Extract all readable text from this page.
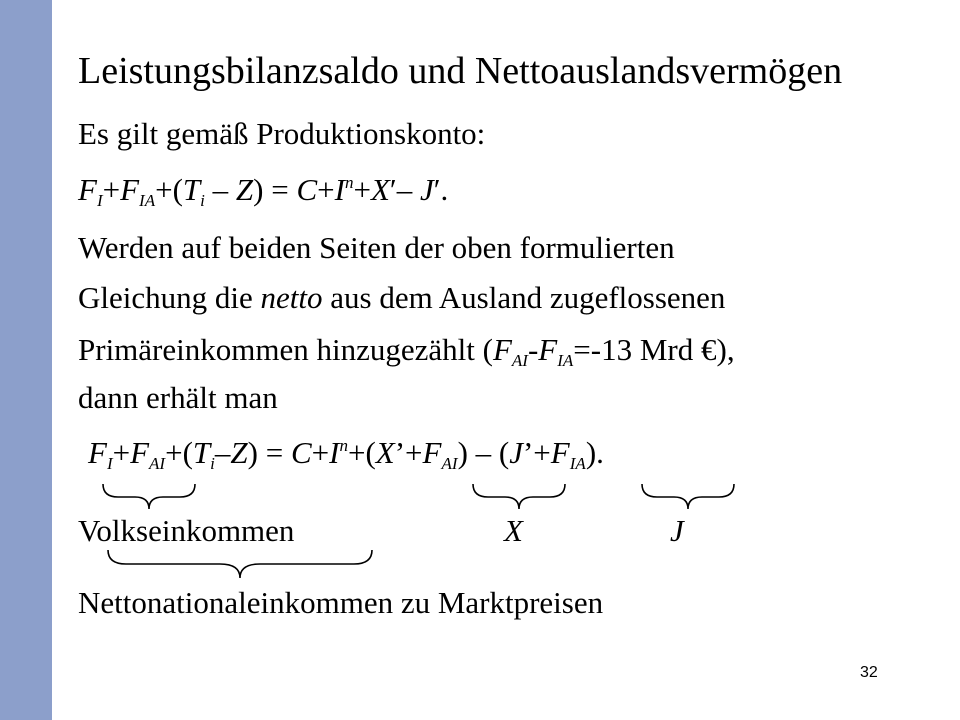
Leistungsbilanzsaldo und Nettoauslandsvermögen
Es gilt gemäß Produktionskonto:
$F_I+F_{IA}+(T_i - Z) = C+I^n+X'-$ J′.
Werden auf beiden Seiten der oben formulierten
Gleichung die netto aus dem Ausland zugeflossenen
Primäreinkommen hinzugezählt ($F_{AI}-F_{IA}=-13$ Mrd €),
dann erhält man
$F_I+F_{AI}+(T_i-Z)$ = $C+I^n+(X’+F_{AI})$ – $(J’+F_{IA})$.
Volkseinkommen	X	J
Nettonationaleinkommen zu Marktpreisen
32
